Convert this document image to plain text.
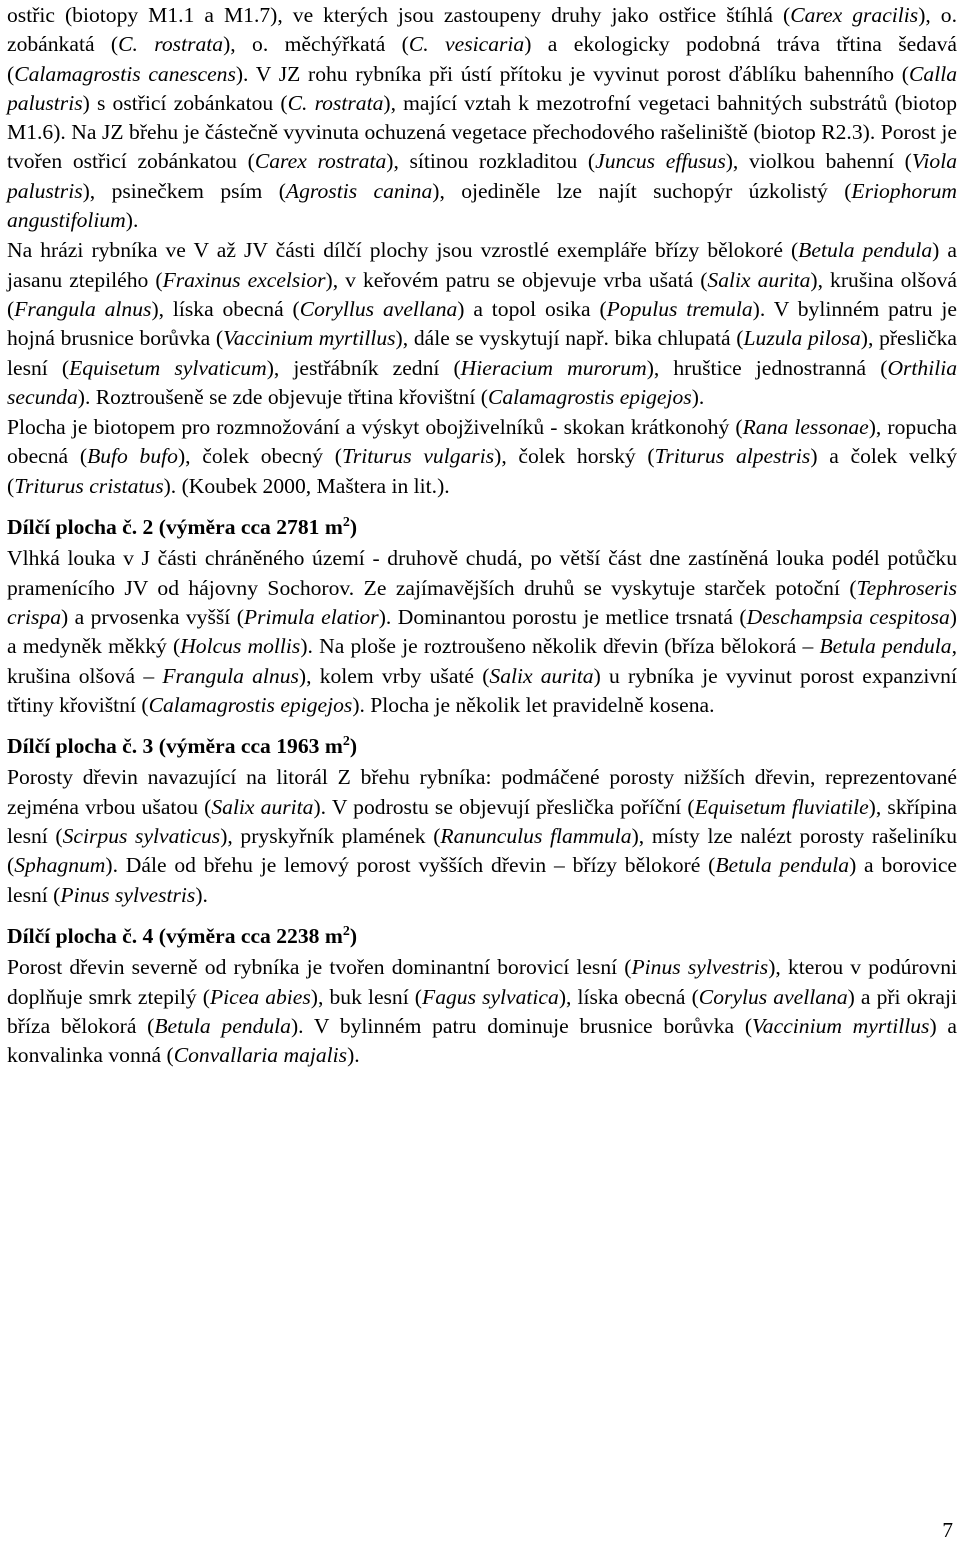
ostřic (biotopy M1.1 a M1.7), ve kterých jsou zastoupeny druhy jako ostřice štíhlá (Carex gracilis), o. zobánkatá (C. rostrata), o. měchýřkatá (C. vesicaria) a ekologicky podobná tráva třtina šedavá (Calamagrostis canescens). V JZ rohu rybníka při ústí přítoku je vyvinut porost ďáblíku bahenního (Calla palustris) s ostřicí zobánkatou (C. rostrata), mající vztah k mezotrofní vegetaci bahnitých substrátů (biotop M1.6). Na JZ břehu je částečně vyvinuta ochuzená vegetace přechodového rašeliniště (biotop R2.3). Porost je tvořen ostřicí zobánkatou (Carex rostrata), sítinou rozkladitou (Juncus effusus), violkou bahenní (Viola palustris), psinečkem psím (Agrostis canina), ojediněle lze najít suchopýr úzkolistý (Eriophorum angustifolium).

Na hrázi rybníka ve V až JV části dílčí plochy jsou vzrostlé exempláře břízy bělokoré (Betula pendula) a jasanu ztepilého (Fraxinus excelsior), v keřovém patru se objevuje vrba ušatá (Salix aurita), krušina olšová (Frangula alnus), líska obecná (Coryllus avellana) a topol osika (Populus tremula). V bylinném patru je hojná brusnice borůvka (Vaccinium myrtillus), dále se vyskytují např. bika chlupatá (Luzula pilosa), přeslička lesní (Equisetum sylvaticum), jestřábník zední (Hieracium murorum), hruštice jednostranná (Orthilia secunda). Roztroušeně se zde objevuje třtina křovištní (Calamagrostis epigejos).

Plocha je biotopem pro rozmnožování a výskyt obojživelníků - skokan krátkonohý (Rana lessonae), ropucha obecná (Bufo bufo), čolek obecný (Triturus vulgaris), čolek horský (Triturus alpestris) a čolek velký (Triturus cristatus). (Koubek 2000, Maštera in lit.).

Dílčí plocha č. 2 (výměra cca 2781 $m^2$)

Vlhká louka v J části chráněného území - druhově chudá, po větší část dne zastíněná louka podél potůčku pramenícího JV od hájovny Sochorov. Ze zajímavějších druhů se vyskytuje starček potoční (Tephroseris crispa) a prvosenka vyšší (Primula elatior). Dominantou porostu je metlice trsnatá (Deschampsia cespitosa) a medyněk měkký (Holcus mollis). Na ploše je roztroušeno několik dřevin (bříza bělokorá – Betula pendula, krušina olšová – Frangula alnus), kolem vrby ušaté (Salix aurita) u rybníka je vyvinut porost expanzivní třtiny křovištní (Calamagrostis epigejos). Plocha je několik let pravidelně kosena.

Dílčí plocha č. 3 (výměra cca 1963 $m^2$)

Porosty dřevin navazující na litorál Z břehu rybníka: podmáčené porosty nižších dřevin, reprezentované zejména vrbou ušatou (Salix aurita). V podrostu se objevují přeslička poříční (Equisetum fluviatile), skřípina lesní (Scirpus sylvaticus), pryskyřník plamének (Ranunculus flammula), místy lze nalézt porosty rašeliníku (Sphagnum). Dále od břehu je lemový porost vyšších dřevin – břízy bělokoré (Betula pendula) a borovice lesní (Pinus sylvestris).

Dílčí plocha č. 4 (výměra cca 2238 $m^2$)

Porost dřevin severně od rybníka je tvořen dominantní borovicí lesní (Pinus sylvestris), kterou v podúrovni doplňuje smrk ztepilý (Picea abies), buk lesní (Fagus sylvatica), líska obecná (Corylus avellana) a při okraji bříza bělokorá (Betula pendula). V bylinném patru dominuje brusnice borůvka (Vaccinium myrtillus) a konvalinka vonná (Convallaria majalis).

7
